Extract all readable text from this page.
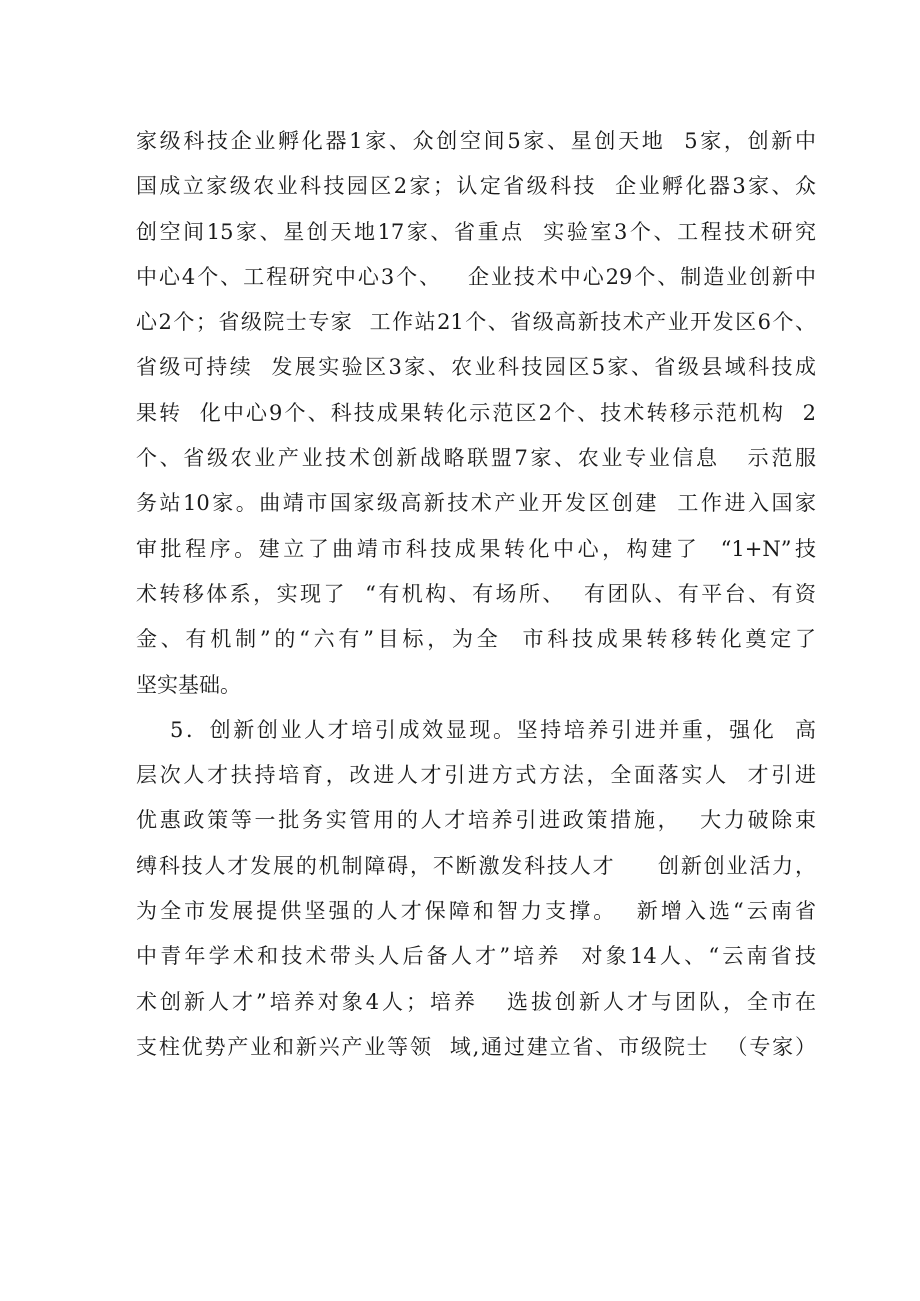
家级科技企业孵化器1家、众创空间5家、星创天地  5家，创新中
国成立家级农业科技园区2家；认定省级科技  企业孵化器3家、众
创空间15家、星创天地17家、省重点  实验室3个、工程技术研究
中心4个、工程研究中心3个、   企业技术中心29个、制造业创新中
心2个；省级院士专家  工作站21个、省级高新技术产业开发区6个、
省级可持续  发展实验区3家、农业科技园区5家、省级县域科技成
果转  化中心9个、科技成果转化示范区2个、技术转移示范机构  2
个、省级农业产业技术创新战略联盟7家、农业专业信息   示范服
务站10家。曲靖市国家级高新技术产业开发区创建  工作进入国家
审批程序。建立了曲靖市科技成果转化中心，构建了  “1+N”技
术转移体系，实现了  “有机构、有场所、  有团队、有平台、有资
金、有机制”的“六有”目标，为全  市科技成果转移转化奠定了
坚实基础。
5．创新创业人才培引成效显现。坚持培养引进并重，强化  高
层次人才扶持培育，改进人才引进方式方法，全面落实人  才引进
优惠政策等一批务实管用的人才培养引进政策措施，  大力破除束
缚科技人才发展的机制障碍，不断激发科技人才     创新创业活力，
为全市发展提供坚强的人才保障和智力支撑。  新增入选“云南省
中青年学术和技术带头人后备人才”培养  对象14人、“云南省技
术创新人才”培养对象4人；培养   选拔创新人才与团队，全市在
支柱优势产业和新兴产业等领  域,通过建立省、市级院士  （专家）
